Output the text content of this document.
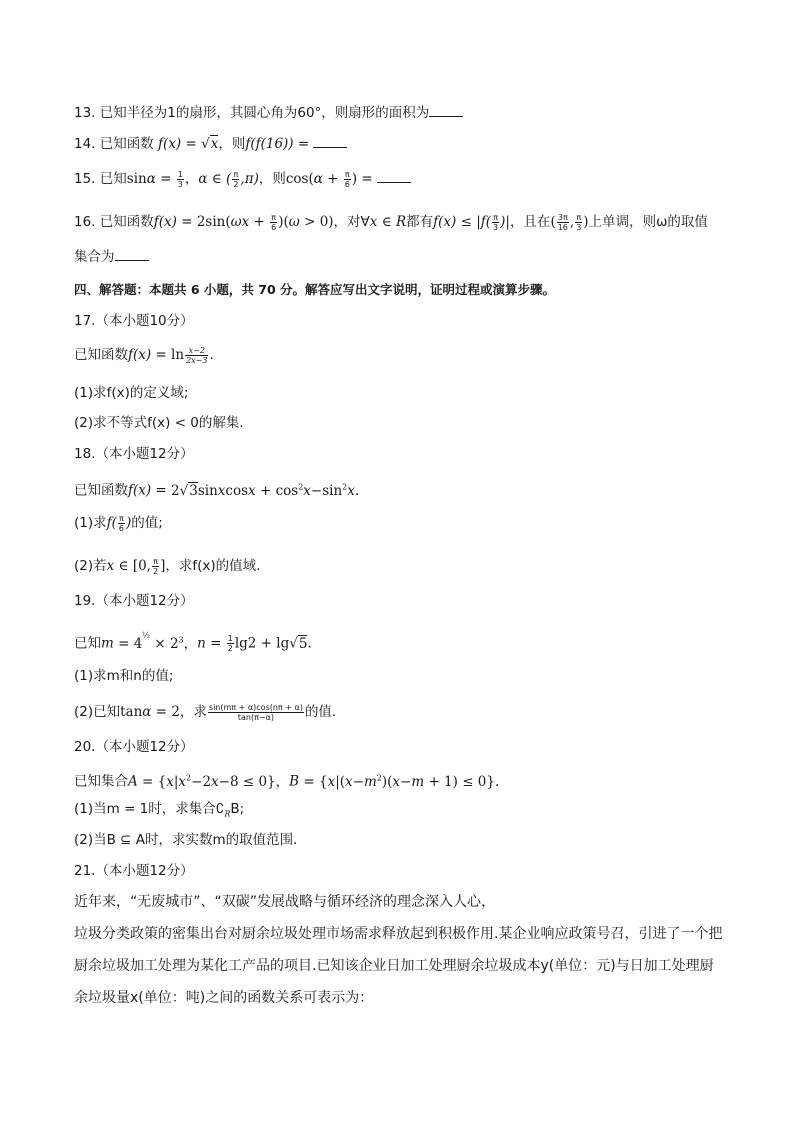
13. 已知半径为1的扇形，其圆心角为60°，则扇形的面积为
14. 已知函数 f(x) = √x，则f(f(16)) =
15. 已知$\sin\alpha = \frac{1}{3}$ ，α ∈ ( $\frac{\pi}{2} ,\pi$)，则$\cos(\alpha + \frac{\pi}{6}$ ) =
16. 已知函数$f(x) = 2\sin(\omega x + \frac{\pi}{6} )(\omega > 0)$，对∀x ∈ R都有$f(x) \le |f( \frac{\pi}{3}$ )|，且在( $\frac{3\pi}{16}$ , $\frac{\pi}{3}$ )上单调，则ω的取值
集合为
四、解答题：本题共 6 小题，共 70 分。解答应写出文字说明，证明过程或演算步骤。
17.（本小题10分）
已知函数$f(x) = \ln \frac{x-2}{2x-3}$ .
(1)求f(x)的定义域;
(2)求不等式f(x) < 0的解集.
18.（本小题12分）
已知函数f(x) = 2√3sinxcosx + $\cos^2x-\sin^2x$.
(1)求$f( \frac{\pi}{6}$ )的值;
(2)若x ∈ [0, $\frac{\pi}{2}$ ]，求f(x)的值域.
19.（本小题12分）
已知$m = 4^{\frac{1}{2}} \times 2^3$，$n = \frac{1}{2} \lg 2 + \lg√5$.
(1)求m和n的值;
(2)已知tanα = 2，求 $\frac{\sin(m\pi + \alpha)\cos(n\pi + \alpha)}{\tan(\pi-\alpha)}$ 的值.
20.（本小题12分）
已知集合$A = \{x|x^2-2x-8 \le 0\}$，$B = \{x|(x-m^2)(x-m + 1) \le 0\}$.
(1)当m = 1时，求集合$∁_RB$;
(2)当B ⊆ A时，求实数m的取值范围.
21.（本小题12分）
近年来，“无废城市”、“双碳”发展战略与循环经济的理念深入人心，
垃圾分类政策的密集出台对厨余垃圾处理市场需求释放起到积极作用.某企业响应政策号召，引进了一个把
厨余垃圾加工处理为某化工产品的项目.已知该企业日加工处理厨余垃圾成本y(单位：元)与日加工处理厨
余垃圾量x(单位：吨)之间的函数关系可表示为：
